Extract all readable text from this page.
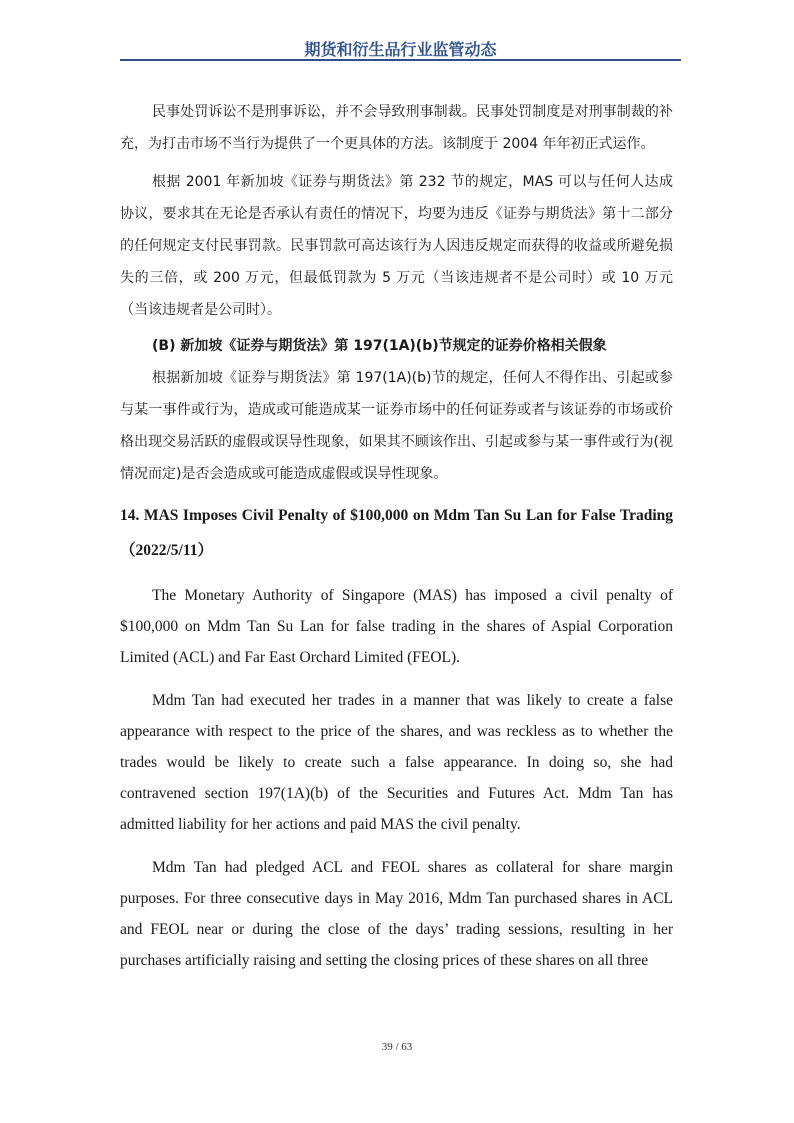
期货和衍生品行业监管动态

民事处罚诉讼不是刑事诉讼，并不会导致刑事制裁。民事处罚制度是对刑事制裁的补充，为打击市场不当行为提供了一个更具体的方法。该制度于 2004 年年初正式运作。

根据 2001 年新加坡《证券与期货法》第 232 节的规定，MAS 可以与任何人达成协议，要求其在无论是否承认有责任的情况下，均要为违反《证券与期货法》第十二部分的任何规定支付民事罚款。民事罚款可高达该行为人因违反规定而获得的收益或所避免损失的三倍，或 200 万元，但最低罚款为 5 万元（当该违规者不是公司时）或 10 万元（当该违规者是公司时）。

(B) 新加坡《证券与期货法》第 197(1A)(b)节规定的证券价格相关假象

根据新加坡《证券与期货法》第 197(1A)(b)节的规定，任何人不得作出、引起或参与某一事件或行为，造成或可能造成某一证券市场中的任何证券或者与该证券的市场或价格出现交易活跃的虚假或误导性现象，如果其不顾该作出、引起或参与某一事件或行为(视情况而定)是否会造成或可能造成虚假或误导性现象。

14. MAS Imposes Civil Penalty of $100,000 on Mdm Tan Su Lan for False Trading （2022/5/11）

The Monetary Authority of Singapore (MAS) has imposed a civil penalty of $100,000 on Mdm Tan Su Lan for false trading in the shares of Aspial Corporation Limited (ACL) and Far East Orchard Limited (FEOL).

Mdm Tan had executed her trades in a manner that was likely to create a false appearance with respect to the price of the shares, and was reckless as to whether the trades would be likely to create such a false appearance. In doing so, she had contravened section 197(1A)(b) of the Securities and Futures Act. Mdm Tan has admitted liability for her actions and paid MAS the civil penalty.

Mdm Tan had pledged ACL and FEOL shares as collateral for share margin purposes. For three consecutive days in May 2016, Mdm Tan purchased shares in ACL and FEOL near or during the close of the days’ trading sessions, resulting in her purchases artificially raising and setting the closing prices of these shares on all three

39 / 63
